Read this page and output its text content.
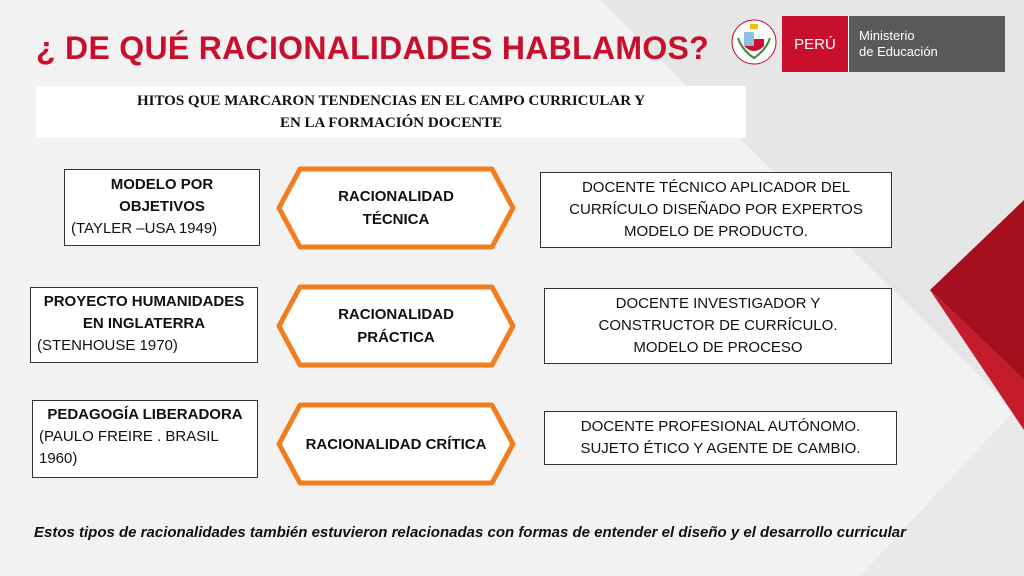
¿ DE QUÉ RACIONALIDADES HABLAMOS?
HITOS QUE MARCARON TENDENCIAS EN EL CAMPO CURRICULAR Y
EN LA FORMACIÓN DOCENTE
PERÚ Ministerio
de Educación
MODELO POR
OBJETIVOS
(TAYLER –USA 1949)
RACIONALIDAD
TÉCNICA
DOCENTE TÉCNICO APLICADOR DEL
CURRÍCULO DISEÑADO POR EXPERTOS
MODELO DE PRODUCTO.
PROYECTO HUMANIDADES
EN INGLATERRA
(STENHOUSE 1970)
RACIONALIDAD
PRÁCTICA
DOCENTE INVESTIGADOR Y
CONSTRUCTOR DE CURRÍCULO.
MODELO DE PROCESO
PEDAGOGÍA LIBERADORA
(PAULO FREIRE . BRASIL
1960)
RACIONALIDAD CRÍTICA
DOCENTE PROFESIONAL AUTÓNOMO.
SUJETO ÉTICO Y AGENTE DE CAMBIO.
Estos tipos de racionalidades también estuvieron relacionadas con formas de entender el diseño y el desarrollo curricular
